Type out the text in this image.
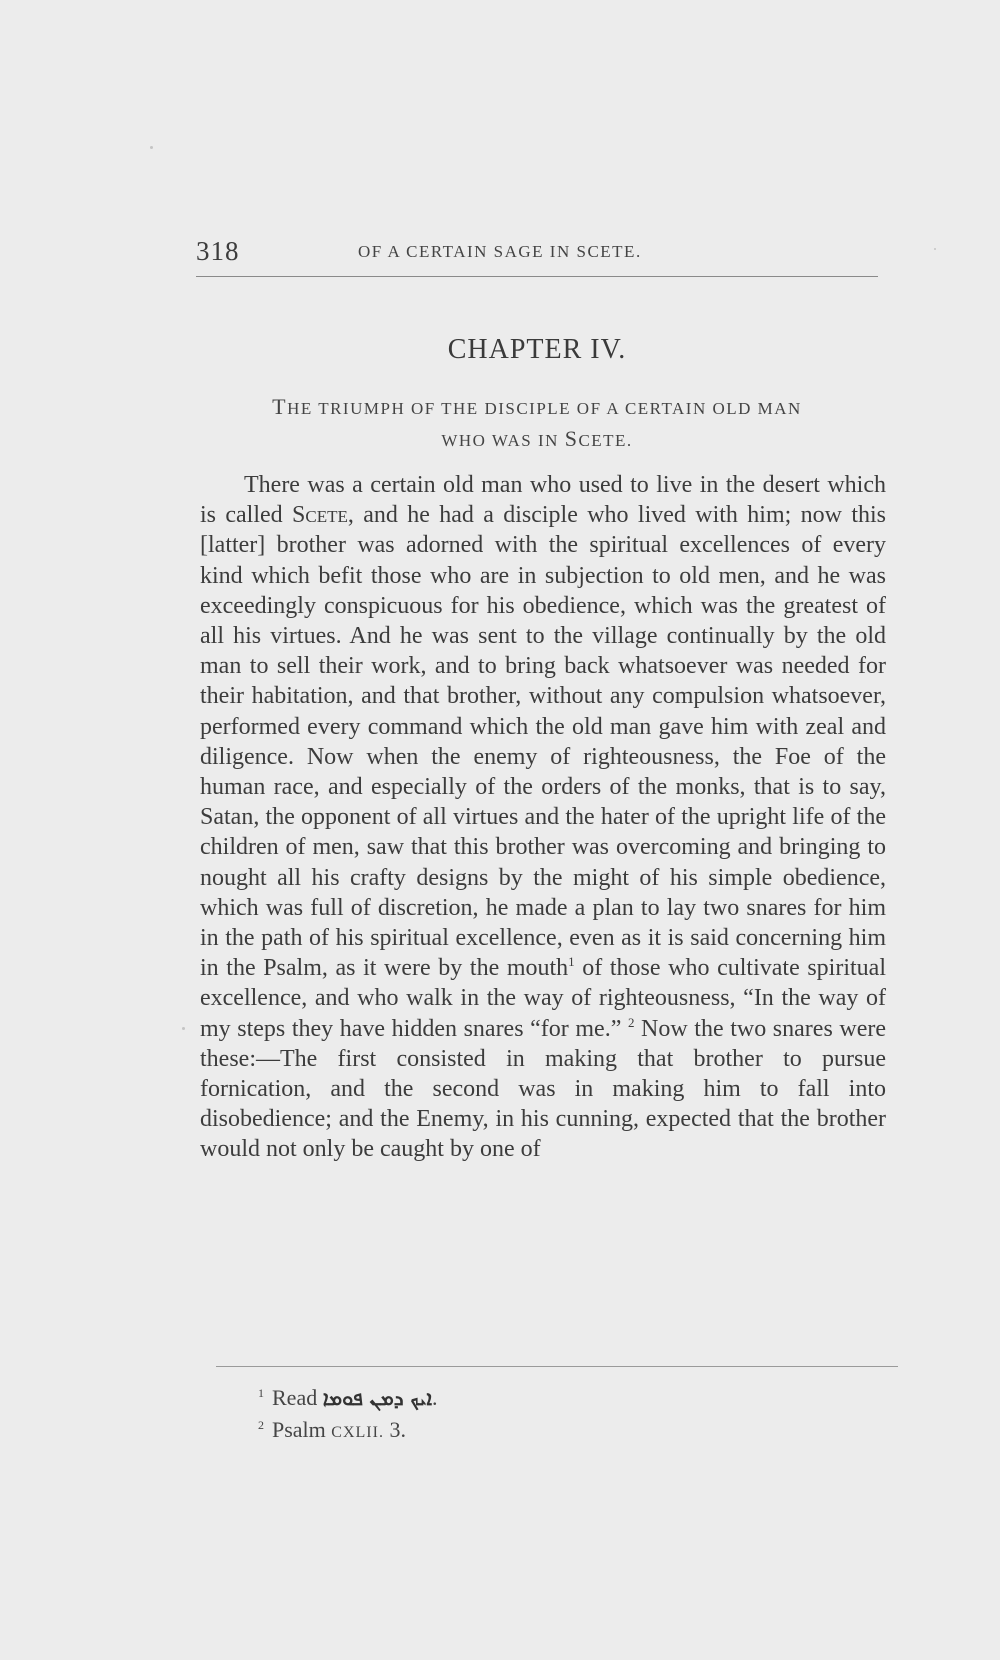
318	OF A CERTAIN SAGE IN SCETE.
CHAPTER IV.
THE TRIUMPH OF THE DISCIPLE OF A CERTAIN OLD MAN
WHO WAS IN SCETE.

There was a certain old man who used to live in the desert which is called Scete, and he had a disciple who lived with him; now this [latter] brother was adorned with the spiritual excellences of every kind which befit those who are in subjection to old men, and he was exceedingly conspicuous for his obedience, which was the greatest of all his virtues. And he was sent to the village continually by the old man to sell their work, and to bring back whatsoever was needed for their habitation, and that brother, without any compulsion whatsoever, performed every command which the old man gave him with zeal and diligence. Now when the enemy of righteousness, the Foe of the human race, and especially of the orders of the monks, that is to say, Satan, the opponent of all virtues and the hater of the upright life of the children of men, saw that this brother was overcoming and bringing to nought all his crafty designs by the might of his simple obedience, which was full of discretion, he made a plan to lay two snares for him in the path of his spiritual excellence, even as it is said concerning him in the Psalm, as it were by the mouth$^1$ of those who cultivate spiritual excellence, and who walk in the way of righteousness, “In the way of my steps they have hidden snares “for me.” $^2$ Now the two snares were these:—The first consisted in making that brother to pursue fornication, and the second was in making him to fall into disobedience; and the Enemy, in his cunning, expected that the brother would not only be caught by one of

$^1$ Read ܐܝܟ ܕܡܢ ܦܘܡܐ.
$^2$ Psalm CXLII. 3.
